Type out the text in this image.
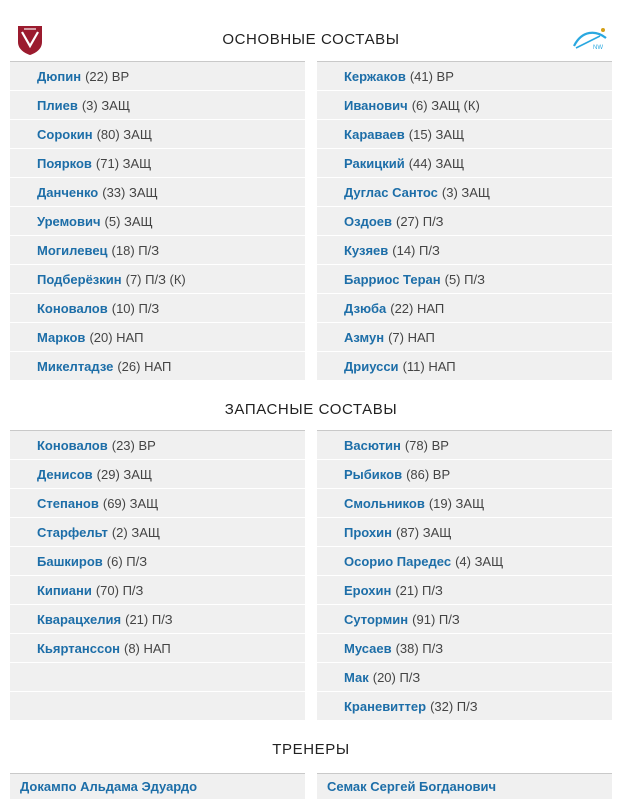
ОСНОВНЫЕ СОСТАВЫ	NW
Дюпин (22) ВР
Плиев (3) ЗАЩ
Сорокин (80) ЗАЩ
Поярков (71) ЗАЩ
Данченко (33) ЗАЩ
Уремович (5) ЗАЩ
Могилевец (18) П/З
Подберёзкин (7) П/З (К)
Коновалов (10) П/З
Марков (20) НАП
Микелтадзе (26) НАП
Кержаков (41) ВР
Иванович (6) ЗАЩ (К)
Караваев (15) ЗАЩ
Ракицкий (44) ЗАЩ
Дуглас Сантос (3) ЗАЩ
Оздоев (27) П/З
Кузяев (14) П/З
Барриос Теран (5) П/З
Дзюба (22) НАП
Азмун (7) НАП
Дриусси (11) НАП
ЗАПАСНЫЕ СОСТАВЫ
Коновалов (23) ВР
Денисов (29) ЗАЩ
Степанов (69) ЗАЩ
Старфельт (2) ЗАЩ
Башкиров (6) П/З
Кипиани (70) П/З
Кварацхелия (21) П/З
Кьяртанссон (8) НАП
Васютин (78) ВР
Рыбиков (86) ВР
Смольников (19) ЗАЩ
Прохин (87) ЗАЩ
Осорио Паредес (4) ЗАЩ
Ерохин (21) П/З
Сутормин (91) П/З
Мусаев (38) П/З
Мак (20) П/З
Краневиттер (32) П/З
ТРЕНЕРЫ
Докампо Альдама Эдуардо	Семак Сергей Богданович
